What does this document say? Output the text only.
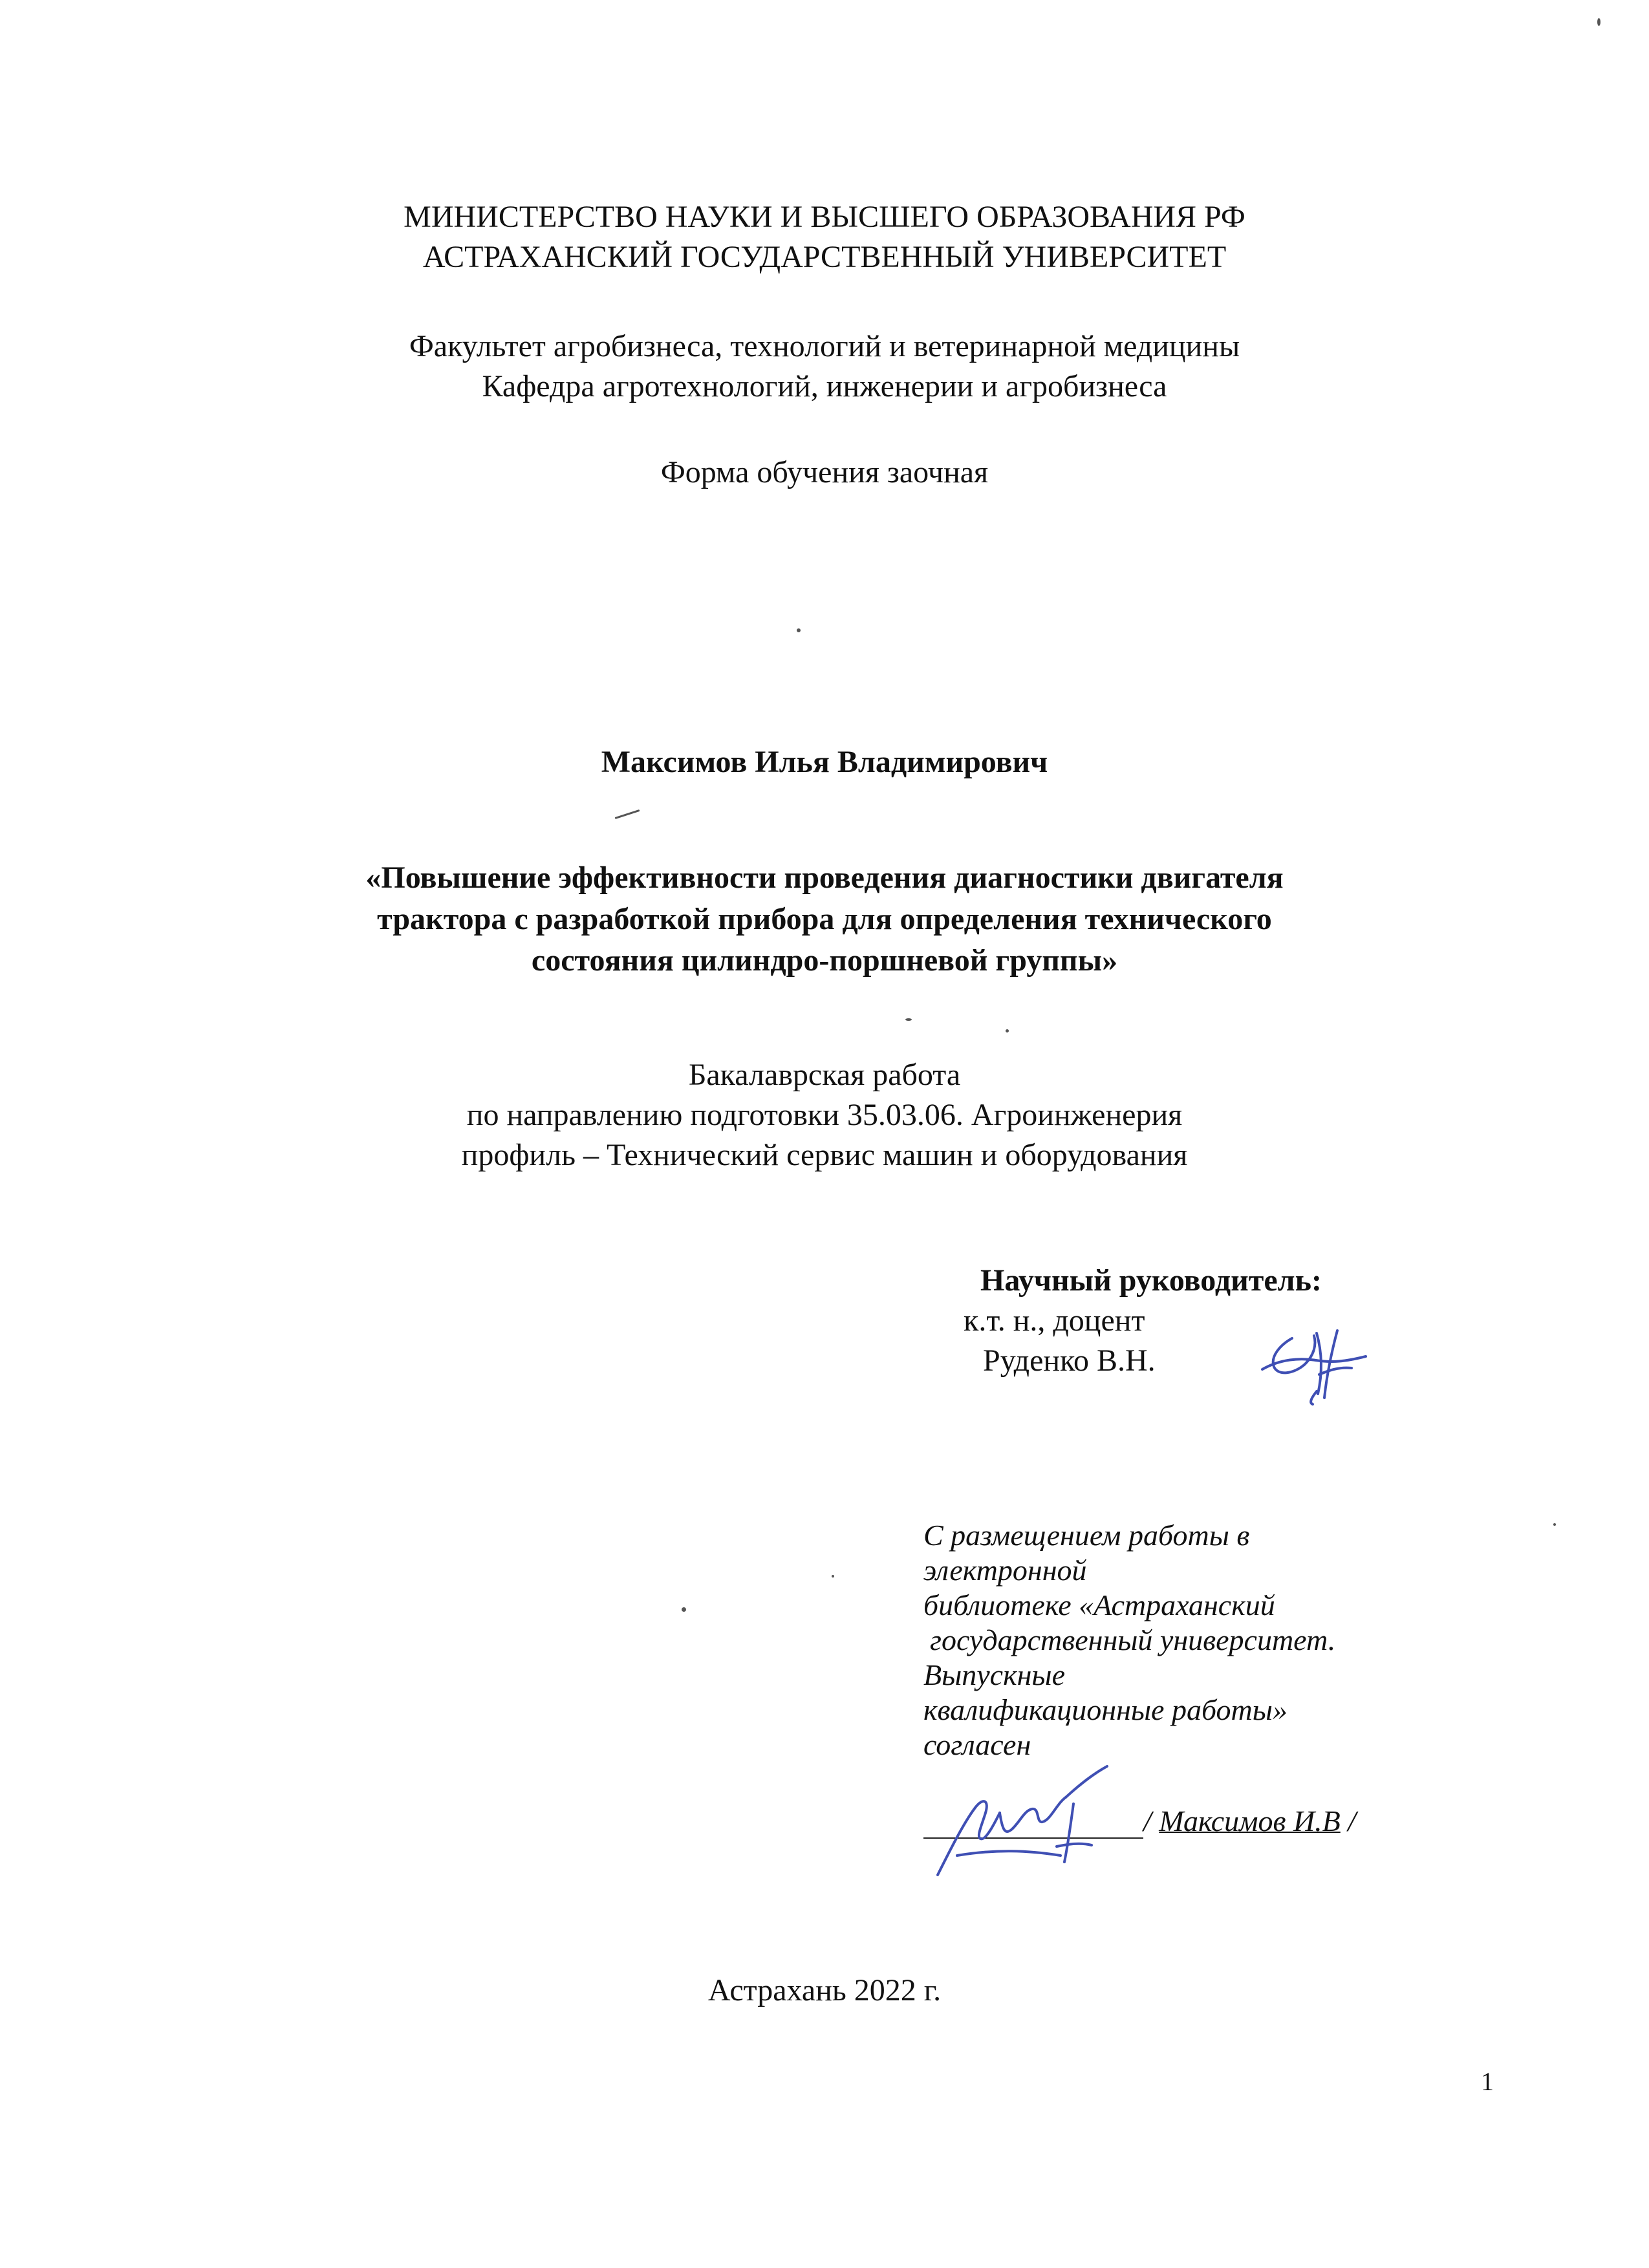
МИНИСТЕРСТВО НАУКИ И ВЫСШЕГО ОБРАЗОВАНИЯ РФ
АСТРАХАНСКИЙ ГОСУДАРСТВЕННЫЙ УНИВЕРСИТЕТ
Факультет агробизнеса, технологий и ветеринарной медицины
Кафедра агротехнологий, инженерии и агробизнеса
Форма обучения заочная
Максимов Илья Владимирович
«Повышение эффективности проведения диагностики двигателя
трактора с разработкой прибора для определения технического
состояния цилиндро-поршневой группы»
Бакалаврская работа
по направлению подготовки 35.03.06. Агроинженерия
профиль – Технический сервис машин и оборудования
Научный руководитель:
к.т. н., доцент
Руденко В.Н.
С размещением работы в
электронной
библиотеке «Астраханский
государственный университет.
Выпускные
квалификационные работы»
согласен
/ Максимов И.В /
Астрахань 2022 г.
1
